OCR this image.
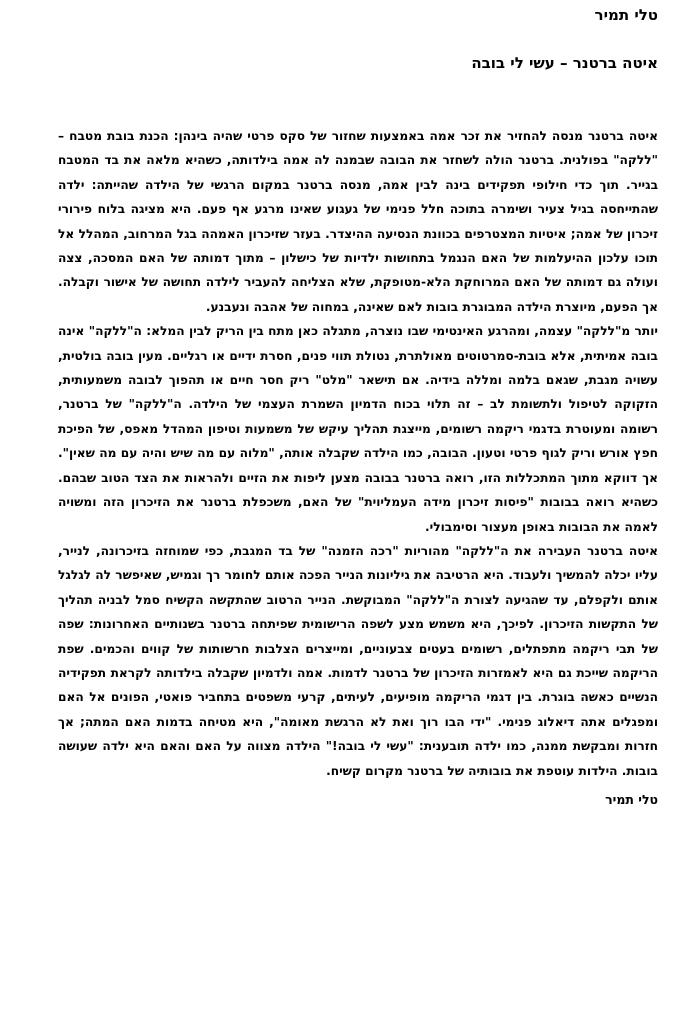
טלי תמיר
איטה ברטנר – עשי לי בובה

איטה ברטנר מנסה להחזיר את זכר אמה באמצעות שחזור של סקס פרטי שהיה בינהן: הכנת בובת מטבח – "ללקה" בפולנית. ברטנר הולה לשחזר את הבובה שבמנה לה אמה בילדותה, כשהיא מלאה את בד המטבח בגייר. תוך כדי חילופי תפקידים בינה לבין אמה, מנסה ברטנר במקום הרגשי של הילדה שהייתה: ילדה שהתייחסה בגיל צעיר ושימרה בתוכה חלל פנימי של געגוע שאינו מרגע אף פעם. היא מציגה בלוח פירורי זיכרון של אמה; איטיות המצטרפים בכוונת הנסיעה ההיצדר. בעזר שזיכרון האמהה בגל המרחוב, המהלל אל תוכו עלכון ההיעלמות של האם הנגמל בתחושות ילדיות של כישלון – מתוך דמותה של האם המסכה, צצה ועולה גם דמותה של האם המרוחקת הלא-מטופקת, שלא הצליחה להעביר לילדה תחושה של אישור וקבלה. אך הפעם, מיוצרת הילדה המבוגרת בובות לאם שאינה, במחוה של אהבה ונעבנע.

יותר מ"ללקה" עצמה, ומהרגע האינטימי שבו נוצרה, מתגלה כאן מתח בין הריק לבין המלא: ה"ללקה" אינה בובה אמיתית, אלא בובת-סמרטוטים מאולתרת, נטולת תווי פנים, חסרת ידיים או רגליים. מעין בובה בולטית, עשויה מגבת, שגאם בלמה ומללה בידיה. אם תישאר "מלט" ריק חסר חיים או תהפוך לבובה משמעותית, הזקוקה לטיפול ולתשומת לב – זה תלוי בכוח הדמיון השמרת העצמי של הילדה. ה"ללקה" של ברטנר, רשומה ומעוטרת בדגמי ריקמה רשומים, מייצגת תהליך עיקש של משמעות וטיפון המהדל מאפס, של הפיכת חפץ אורש וריק לגוף פרטי וטעון. הבובה, כמו הילדה שקבלה אותה, "מלוה עם מה שיש והיה עם מה שאין". אך דווקא מתוך המתכללות הזו, רואה ברטנר בבובה מצען ליפות את הזיים ולהראות את הצד הטוב שבהם. כשהיא רואה בבובות "פיסות זיכרון מידה העמליוית" של האם, משכפלת ברטנר את הזיכרון הזה ומשויה לאמה את הבובות באופן מעצור וסימבולי.

איטה ברטנר העבירה את ה"ללקה" מהוריות "רכה הזמנה" של בד המגבת, כפי שמוחזה בזיכרונה, לנייר, עליו יכלה להמשיך ולעבוד. היא הרטיבה את גיליונות הנייר הפכה אותם לחומר רך וגמיש, שאיפשר לה לגלגל אותם ולקפלם, עד שהגיעה לצורת ה"ללקה" המבוקשת. הנייר הרטוב שהתקשה הקשיח סמל לבניה תהליך של התקשות הזיכרון. לפיכך, היא משמש מצע לשפה הרישומית שפיתחה ברטנר בשנותיים האחרונות: שפה של תבי ריקמה מתפתלים, רשומים בעטים צבעוניים, ומייצרים הצלבות חרשותות של קווים והכמים. שפת הריקמה שייכת גם היא לאמזרות הזיכרון של ברטנר לדמות. אמה ולדמיון שקבלה בילדותה לקראת תפקידיה הנשיים כאשה בוגרת. בין דגמי הריקמה מופיעים, לעיתים, קרעי משפטים בתחביר פואטי, הפונים אל האם ומפגלים אתה דיאלוג פנימי. "ידי הבו רוך ואת לא הרגשת מאומה", היא מטיחה בדמות האם המתה; אך חזרות ומבקשת ממנה, כמו ילדה תובענית: "עשי לי בובה!" הילדה מצווה על האם והאם היא ילדה שעושה בובות. הילדות עוטפת את בובותיה של ברטנר מקרום קשיח.

טלי תמיר
